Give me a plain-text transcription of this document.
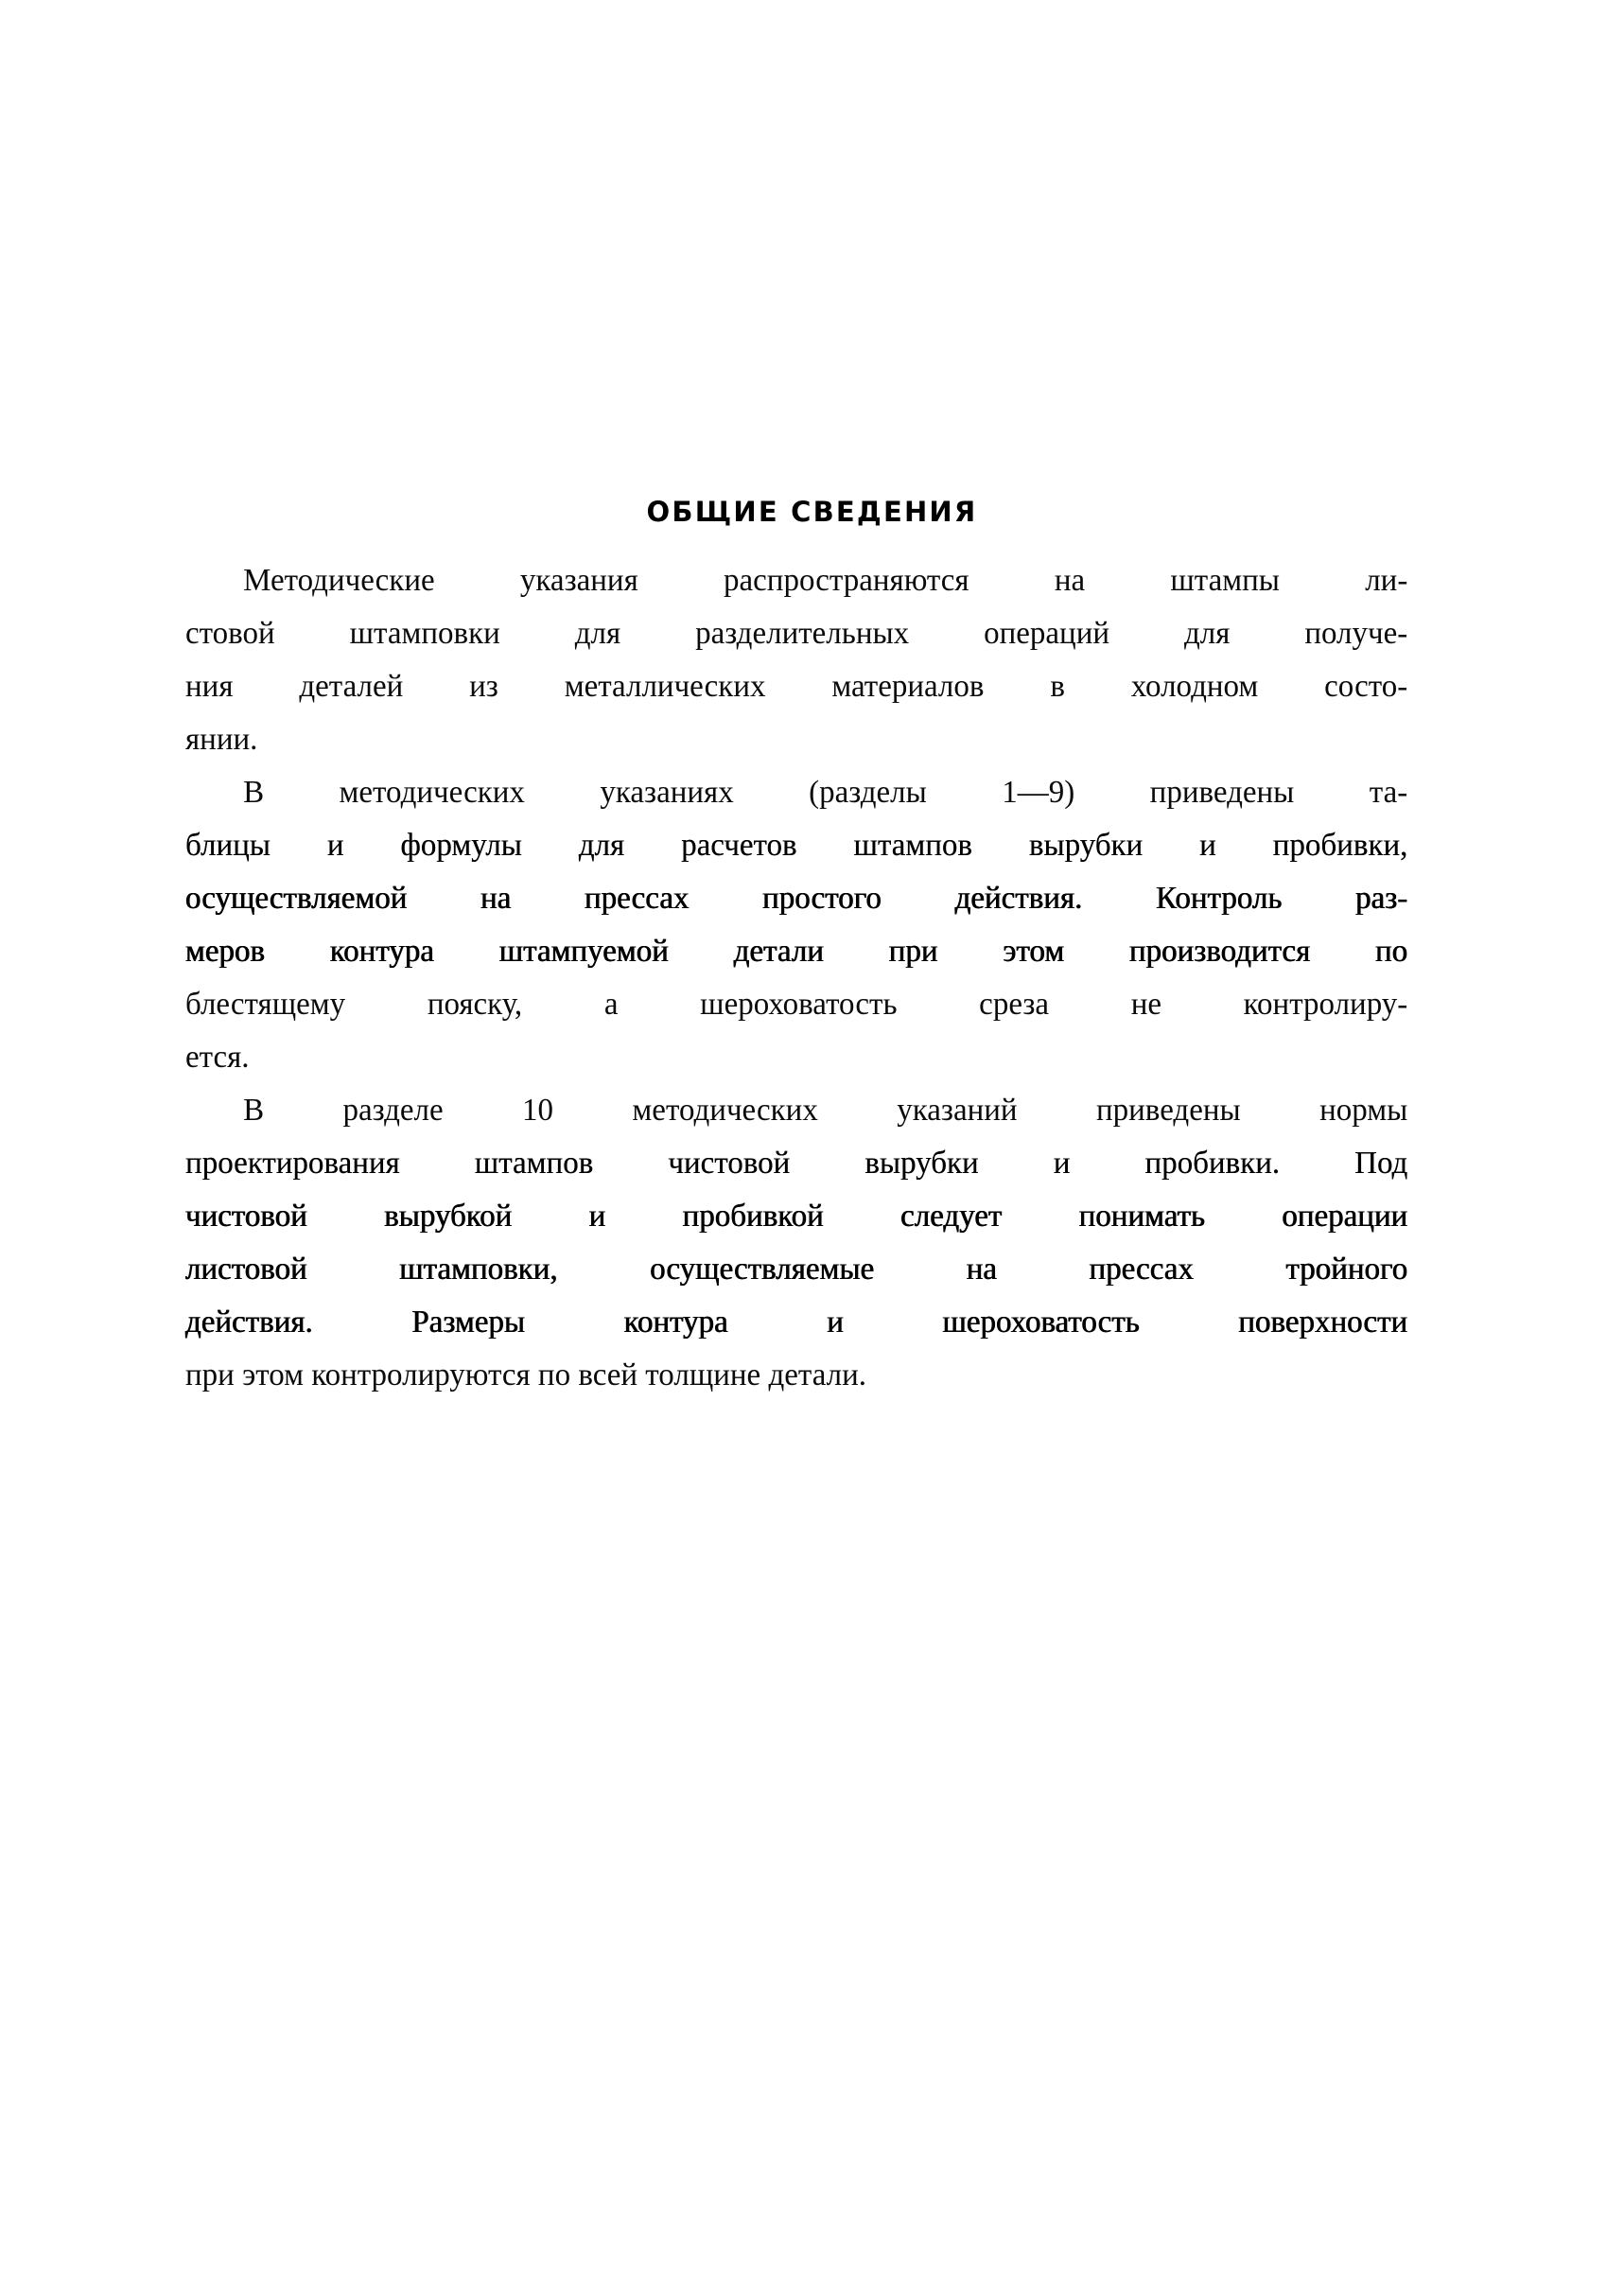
ОБЩИЕ СВЕДЕНИЯ

Методические	указания	распространяются	на	штампы	ли-
стовой штамповки для разделительных операций для получе-
ния деталей из металлических материалов в холодном состо-
янии.

В методических указаниях (разделы 1—9) приведены та-
блицы и формулы для расчетов штампов вырубки и пробивки,
осуществляемой на прессах простого действия. Контроль раз-
меров контура штампуемой детали при этом производится по
блестящему	пояску,	а	шероховатость	среза	не	контролиру-
ется.

В разделе 10 методических указаний приведены нормы
проектирования штампов чистовой вырубки и пробивки. Под
чистовой вырубкой и пробивкой следует понимать операции
листовой	штамповки,	осуществляемые	на	прессах	тройного
действия.	Размеры	контура	и	шероховатость	поверхности
при этом контролируются по всей толщине детали.
